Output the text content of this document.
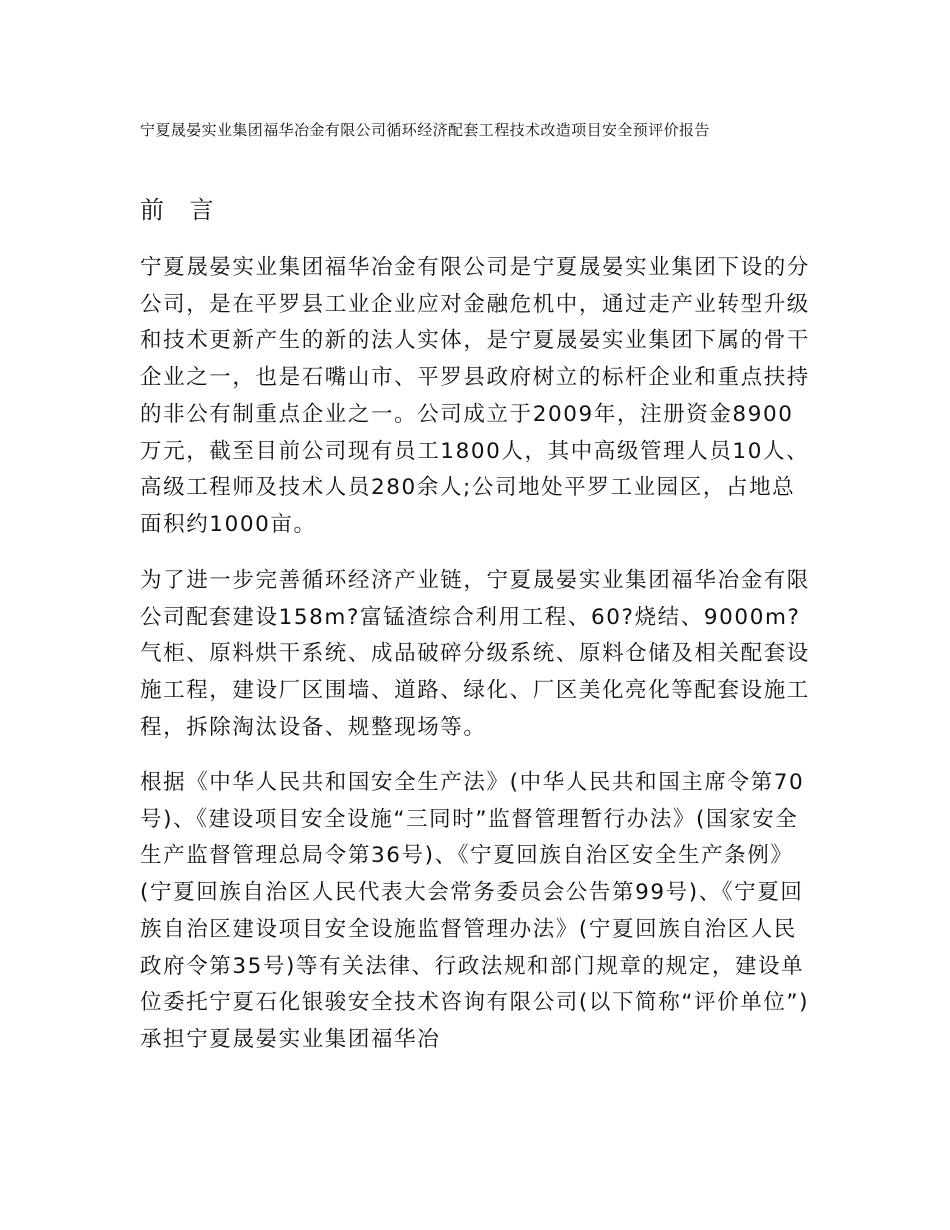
宁夏晟晏实业集团福华冶金有限公司循环经济配套工程技术改造项目安全预评价报告
前 言

宁夏晟晏实业集团福华冶金有限公司是宁夏晟晏实业集团下设的分公司，是在平罗县工业企业应对金融危机中，通过走产业转型升级和技术更新产生的新的法人实体，是宁夏晟晏实业集团下属的骨干企业之一，也是石嘴山市、平罗县政府树立的标杆企业和重点扶持的非公有制重点企业之一。公司成立于2009年，注册资金8900万元，截至目前公司现有员工1800人，其中高级管理人员10人、高级工程师及技术人员280余人;公司地处平罗工业园区，占地总面积约1000亩。

为了进一步完善循环经济产业链，宁夏晟晏实业集团福华冶金有限公司配套建设158m?富锰渣综合利用工程、60?烧结、9000m?气柜、原料烘干系统、成品破碎分级系统、原料仓储及相关配套设施工程，建设厂区围墙、道路、绿化、厂区美化亮化等配套设施工程，拆除淘汰设备、规整现场等。

根据《中华人民共和国安全生产法》(中华人民共和国主席令第70号)、《建设项目安全设施“三同时”监督管理暂行办法》(国家安全生产监督管理总局令第36号)、《宁夏回族自治区安全生产条例》(宁夏回族自治区人民代表大会常务委员会公告第99号)、《宁夏回族自治区建设项目安全设施监督管理办法》(宁夏回族自治区人民政府令第35号)等有关法律、行政法规和部门规章的规定，建设单位委托宁夏石化银骏安全技术咨询有限公司(以下简称“评价单位”)承担宁夏晟晏实业集团福华冶
